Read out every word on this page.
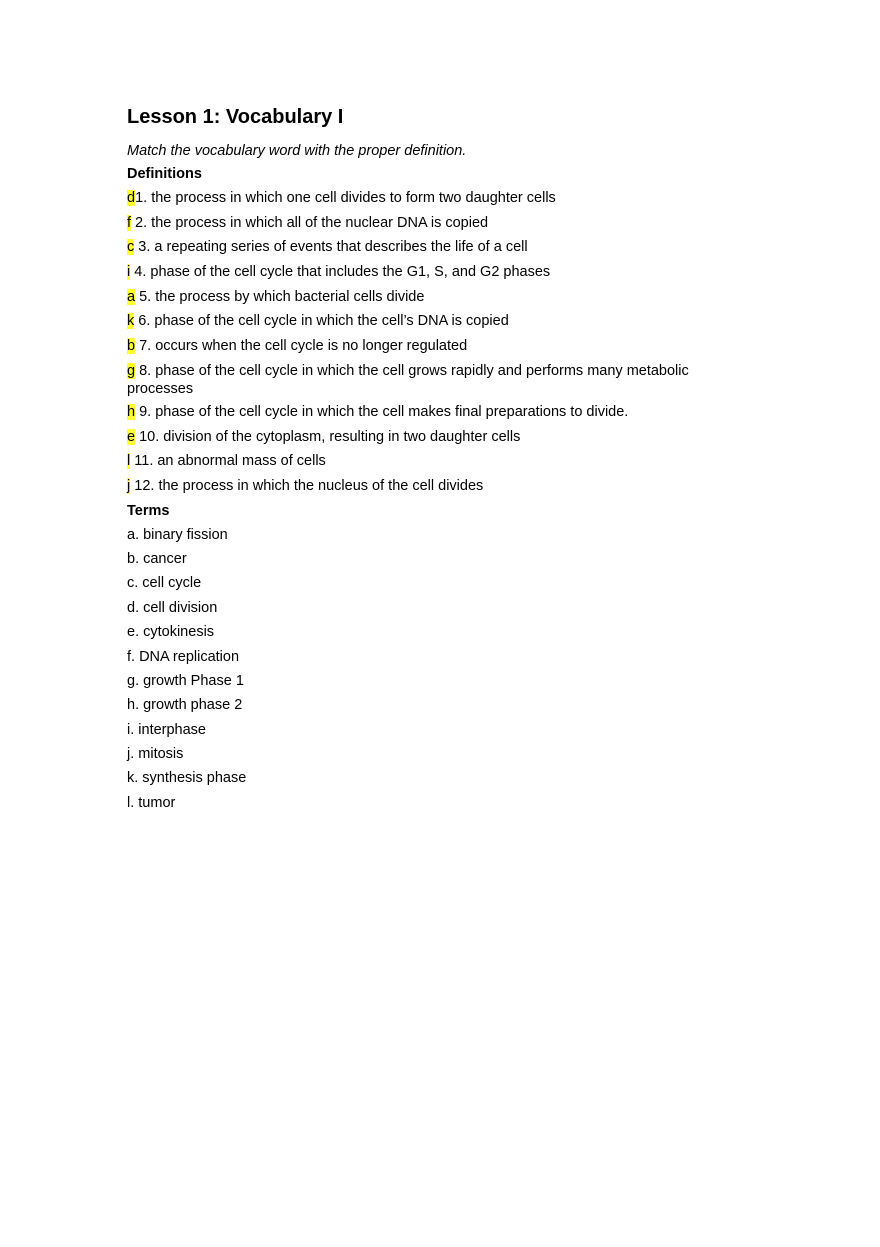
Lesson 1: Vocabulary I

Match the vocabulary word with the proper definition.

Definitions

d1. the process in which one cell divides to form two daughter cells
f 2. the process in which all of the nuclear DNA is copied
c 3. a repeating series of events that describes the life of a cell
i 4. phase of the cell cycle that includes the G1, S, and G2 phases
a 5. the process by which bacterial cells divide
k 6. phase of the cell cycle in which the cell’s DNA is copied
b 7. occurs when the cell cycle is no longer regulated
g 8. phase of the cell cycle in which the cell grows rapidly and performs many metabolic processes
h 9. phase of the cell cycle in which the cell makes final preparations to divide.
e 10. division of the cytoplasm, resulting in two daughter cells
l 11. an abnormal mass of cells
j 12. the process in which the nucleus of the cell divides

Terms

a. binary fission
b. cancer
c. cell cycle
d. cell division
e. cytokinesis
f. DNA replication
g. growth Phase 1
h. growth phase 2
i. interphase
j. mitosis
k. synthesis phase
l. tumor
